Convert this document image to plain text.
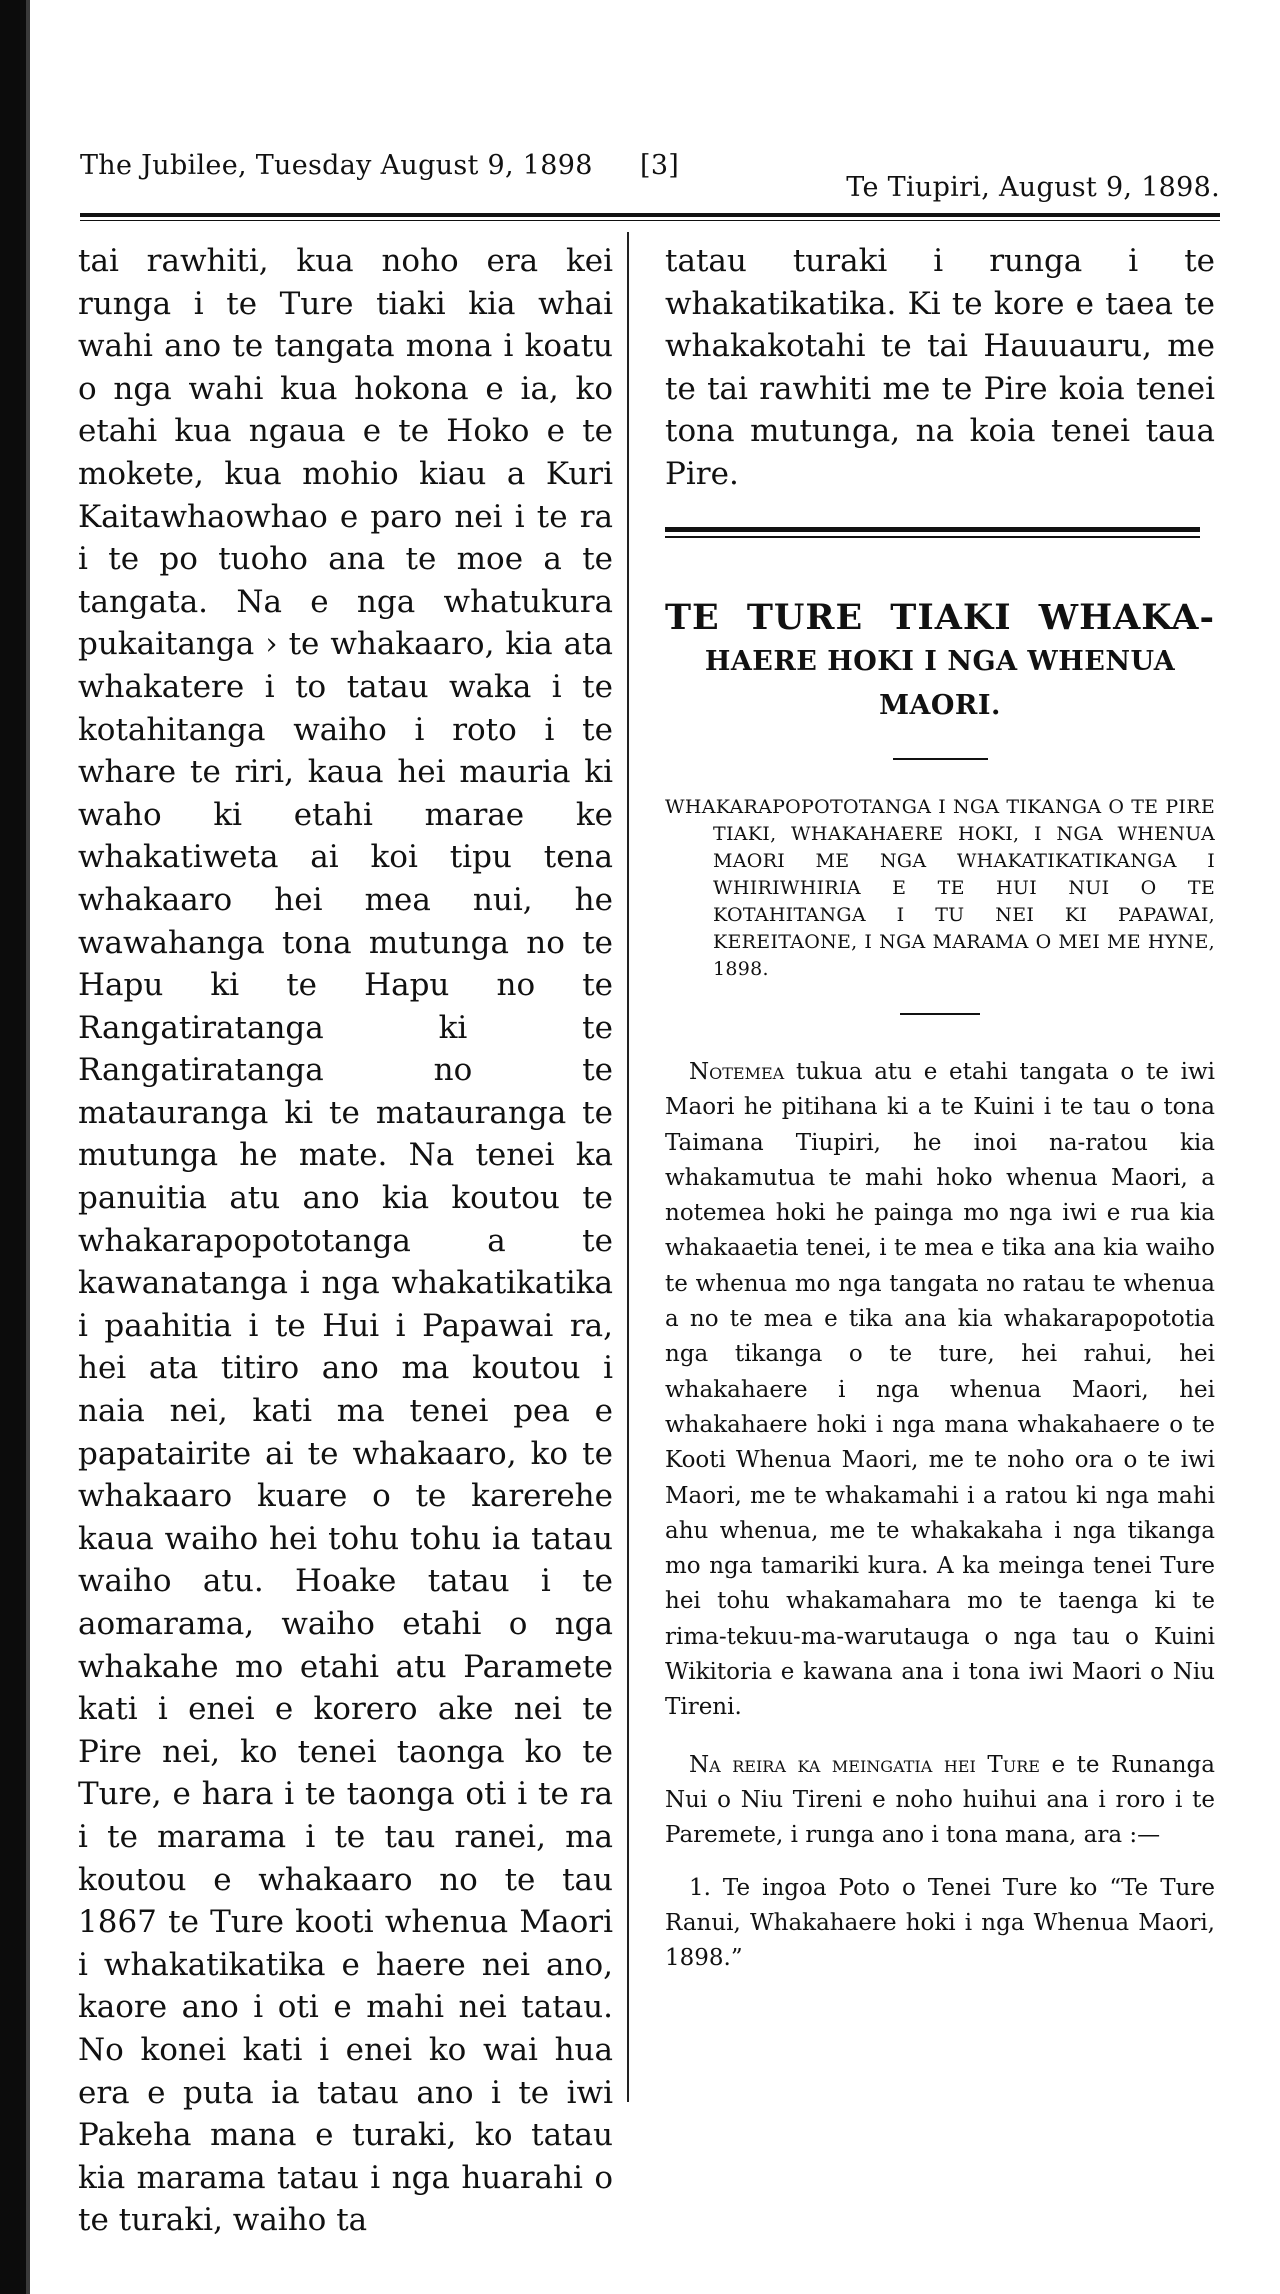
The Jubilee, Tuesday August 9, 1898 [3]
Te Tiupiri, August 9, 1898.

tai rawhiti, kua noho era kei runga i te Ture tiaki kia whai wahi ano te tangata mona i koatu o nga wahi kua hokona e ia, ko etahi kua ngaua e te Hoko e te mokete, kua mohio kiau a Kuri Kaitawhaowhao e paro nei i te ra i te po tuoho ana te moe a te tangata. Na e nga whatukura pukaitanga › te whakaaro, kia ata whakatere i to tatau waka i te kotahitanga waiho i roto i te whare te riri, kaua hei mauria ki waho ki etahi marae ke whakatiweta ai koi tipu tena whakaaro hei mea nui, he wawahanga tona mutunga no te Hapu ki te Hapu no te Rangatiratanga ki te Rangatiratanga no te matauranga ki te matauranga te mutunga he mate. Na tenei ka panuitia atu ano kia koutou te whakarapopototanga a te kawanatanga i nga whakatikatika i paahitia i te Hui i Papawai ra, hei ata titiro ano ma koutou i naia nei, kati ma tenei pea e papatairite ai te whakaaro, ko te whakaaro kuare o te karerehe kaua waiho hei tohu tohu ia tatau waiho atu. Hoake tatau i te aomarama, waiho etahi o nga whakahe mo etahi atu Paramete kati i enei e korero ake nei te Pire nei, ko tenei taonga ko te Ture, e hara i te taonga oti i te ra i te marama i te tau ranei, ma koutou e whakaaro no te tau 1867 te Ture kooti whenua Maori i whakatikatika e haere nei ano, kaore ano i oti e mahi nei tatau. No konei kati i enei ko wai hua era e puta ia tatau ano i te iwi Pakeha mana e turaki, ko tatau kia marama tatau i nga huarahi o te turaki, waiho ta

tatau turaki i runga i te whakatikatika. Ki te kore e taea te whakakotahi te tai Hauuauru, me te tai rawhiti me te Pire koia tenei tona mutunga, na koia tenei taua Pire.

TE TURE TIAKI WHAKA-
HAERE HOKI I NGA WHENUA MAORI.

WHAKARAPOPOTOTANGA I NGA TIKANGA O TE PIRE TIAKI, WHAKAHAERE HOKI, I NGA WHENUA MAORI ME NGA WHAKATIKATIKANGA I WHIRIWHIRIA E TE HUI NUI O TE KOTAHITANGA I TU NEI KI PAPAWAI, KEREITAONE, I NGA MARAMA O MEI ME HYNE, 1898.

Notemea tukua atu e etahi tangata o te iwi Maori he pitihana ki a te Kuini i te tau o tona Taimana Tiupiri, he inoi na-ratou kia whakamutua te mahi hoko whenua Maori, a notemea hoki he painga mo nga iwi e rua kia whakaaetia tenei, i te mea e tika ana kia waiho te whenua mo nga tangata no ratau te whenua a no te mea e tika ana kia whakarapopototia nga tikanga o te ture, hei rahui, hei whakahaere i nga whenua Maori, hei whakahaere hoki i nga mana whakahaere o te Kooti Whenua Maori, me te noho ora o te iwi Maori, me te whakamahi i a ratou ki nga mahi ahu whenua, me te whakakaha i nga tikanga mo nga tamariki kura. A ka meinga tenei Ture hei tohu whakamahara mo te taenga ki te rima-tekuu-ma-warutauga o nga tau o Kuini Wikitoria e kawana ana i tona iwi Maori o Niu Tireni.

Na reira ka meingatia hei Ture e te Runanga Nui o Niu Tireni e noho huihui ana i roro i te Paremete, i runga ano i tona mana, ara :—

1. Te ingoa Poto o Tenei Ture ko “Te Ture Ranui, Whakahaere hoki i nga Whenua Maori, 1898.”
